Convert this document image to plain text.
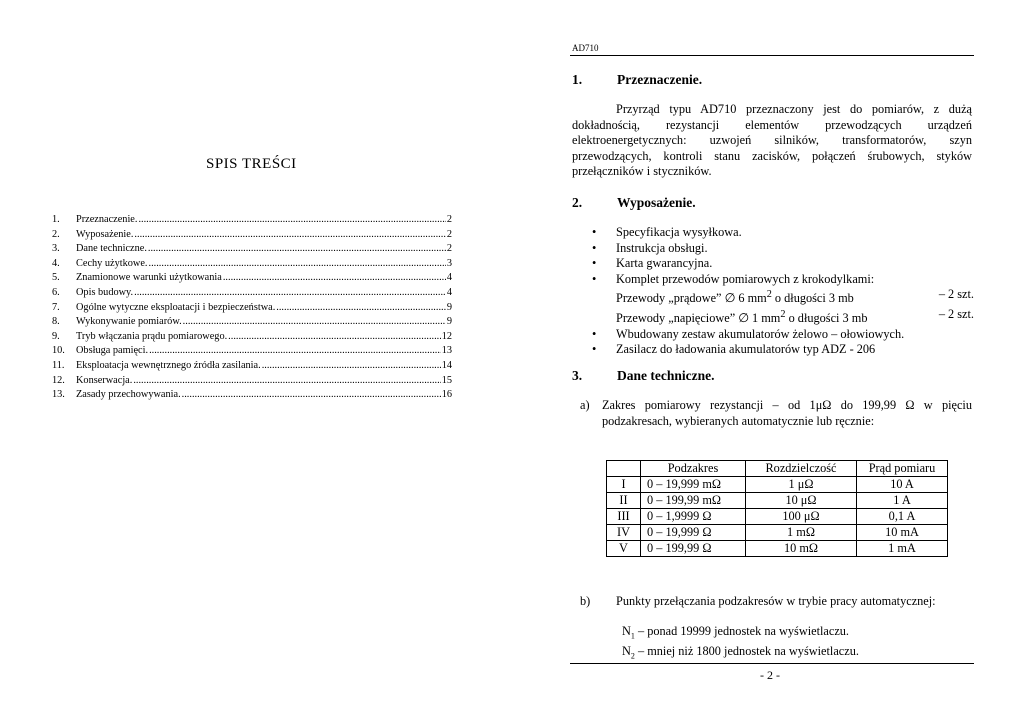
SPIS TREŚCI
1.	Przeznaczenie. .....	2
2.	Wyposażenie. .....	2
3.	Dane techniczne. .....	2
4.	Cechy użytkowe. .....	3
5.	Znamionowe warunki użytkowania .....	4
6.	Opis budowy. .....	4
7.	Ogólne wytyczne eksploatacji i bezpieczeństwa. .....	9
8.	Wykonywanie pomiarów. .....	9
9.	Tryb włączania prądu pomiarowego. .....	12
10.	Obsługa pamięci. .....	13
11.	Eksploatacja wewnętrznego źródła zasilania. .....	14
12.	Konserwacja. .....	15
13.	Zasady przechowywania. .....	16
AD710
1.	Przeznaczenie.
Przyrząd typu AD710 przeznaczony jest do pomiarów, z dużą dokładnością, rezystancji elementów przewodzących urządzeń elektroenergetycznych: uzwojeń silników, transformatorów, szyn przewodzących, kontroli stanu zacisków, połączeń śrubowych, styków przełączników i styczników.
2.	Wyposażenie.
• Specyfikacja wysyłkowa.
• Instrukcja obsługi.
• Karta gwarancyjna.
• Komplet przewodów pomiarowych z krokodylkami:
Przewody „prądowe” ∅ 6 $mm^2$ o długości 3 mb	– 2 szt.
Przewody „napięciowe” ∅ 1 $mm^2$ o długości 3 mb	– 2 szt.
• Wbudowany zestaw akumulatorów żelowo – ołowiowych.
• Zasilacz do ładowania akumulatorów typ ADZ - 206
3.	Dane techniczne.
a)	Zakres pomiarowy rezystancji – od 1μΩ do 199,99 Ω w pięciu podzakresach, wybieranych automatycznie lub ręcznie:
	Podzakres	Rozdzielczość	Prąd pomiaru
I	0 – 19,999 mΩ	1 μΩ	10 A
II	0 – 199,99 mΩ	10 μΩ	1 A
III	0 – 1,9999 Ω	100 μΩ	0,1 A
IV	0 – 19,999 Ω	1 mΩ	10 mA
V	0 – 199,99 Ω	10 mΩ	1 mA
b)	Punkty przełączania podzakresów w trybie pracy automatycznej:
$N_1$ – ponad 19999 jednostek na wyświetlaczu.
$N_2$ – mniej niż 1800 jednostek na wyświetlaczu.
- 2 -
